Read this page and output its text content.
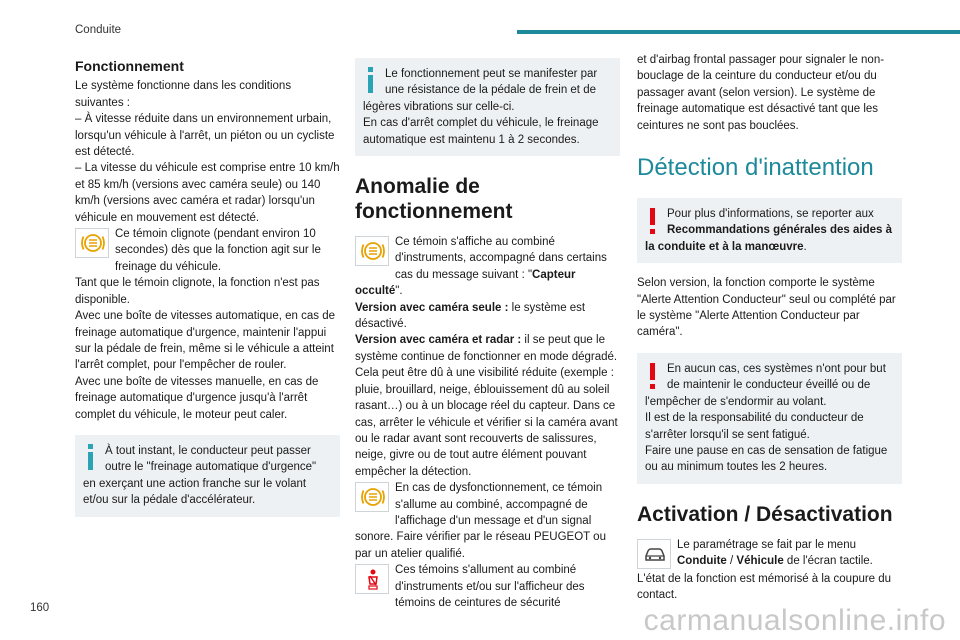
Conduite
Fonctionnement

Le système fonctionne dans les conditions suivantes :

– À vitesse réduite dans un environnement urbain, lorsqu'un véhicule à l'arrêt, un piéton ou un cycliste est détecté.

– La vitesse du véhicule est comprise entre 10 km/h et 85 km/h (versions avec caméra seule) ou 140 km/h (versions avec caméra et radar) lorsqu'un véhicule en mouvement est détecté.

Ce témoin clignote (pendant environ 10 secondes) dès que la fonction agit sur le freinage du véhicule.

Tant que le témoin clignote, la fonction n'est pas disponible.

Avec une boîte de vitesses automatique, en cas de freinage automatique d'urgence, maintenir l'appui sur la pédale de frein, même si le véhicule a atteint l'arrêt complet, pour l'empêcher de rouler.

Avec une boîte de vitesses manuelle, en cas de freinage automatique d'urgence jusqu'à l'arrêt complet du véhicule, le moteur peut caler.

À tout instant, le conducteur peut passer outre le "freinage automatique d'urgence" en exerçant une action franche sur le volant et/ou sur la pédale d'accélérateur.

Le fonctionnement peut se manifester par une résistance de la pédale de frein et de légères vibrations sur celle-ci.

En cas d'arrêt complet du véhicule, le freinage automatique est maintenu 1 à 2 secondes.

Anomalie de fonctionnement

Ce témoin s'affiche au combiné d'instruments, accompagné dans certains cas du message suivant : "Capteur occulté".

Version avec caméra seule : le système est désactivé.

Version avec caméra et radar : il se peut que le système continue de fonctionner en mode dégradé.

Cela peut être dû à une visibilité réduite (exemple : pluie, brouillard, neige, éblouissement dû au soleil rasant…) ou à un blocage réel du capteur. Dans ce cas, arrêter le véhicule et vérifier si la caméra avant ou le radar avant sont recouverts de salissures, neige, givre ou de tout autre élément pouvant empêcher la détection.

En cas de dysfonctionnement, ce témoin s'allume au combiné, accompagné de l'affichage d'un message et d'un signal sonore. Faire vérifier par le réseau PEUGEOT ou par un atelier qualifié.

Ces témoins s'allument au combiné d'instruments et/ou sur l'afficheur des témoins de ceintures de sécurité

et d'airbag frontal passager pour signaler le non-bouclage de la ceinture du conducteur et/ou du passager avant (selon version). Le système de freinage automatique est désactivé tant que les ceintures ne sont pas bouclées.

Détection d'inattention

Pour plus d'informations, se reporter aux Recommandations générales des aides à la conduite et à la manœuvre.

Selon version, la fonction comporte le système "Alerte Attention Conducteur" seul ou complété par le système "Alerte Attention Conducteur par caméra".

En aucun cas, ces systèmes n'ont pour but de maintenir le conducteur éveillé ou de l'empêcher de s'endormir au volant.

Il est de la responsabilité du conducteur de s'arrêter lorsqu'il se sent fatigué.

Faire une pause en cas de sensation de fatigue ou au minimum toutes les 2 heures.

Activation / Désactivation

Le paramétrage se fait par le menu Conduite / Véhicule de l'écran tactile.

L'état de la fonction est mémorisé à la coupure du contact.

160	carmanualsonline.info
